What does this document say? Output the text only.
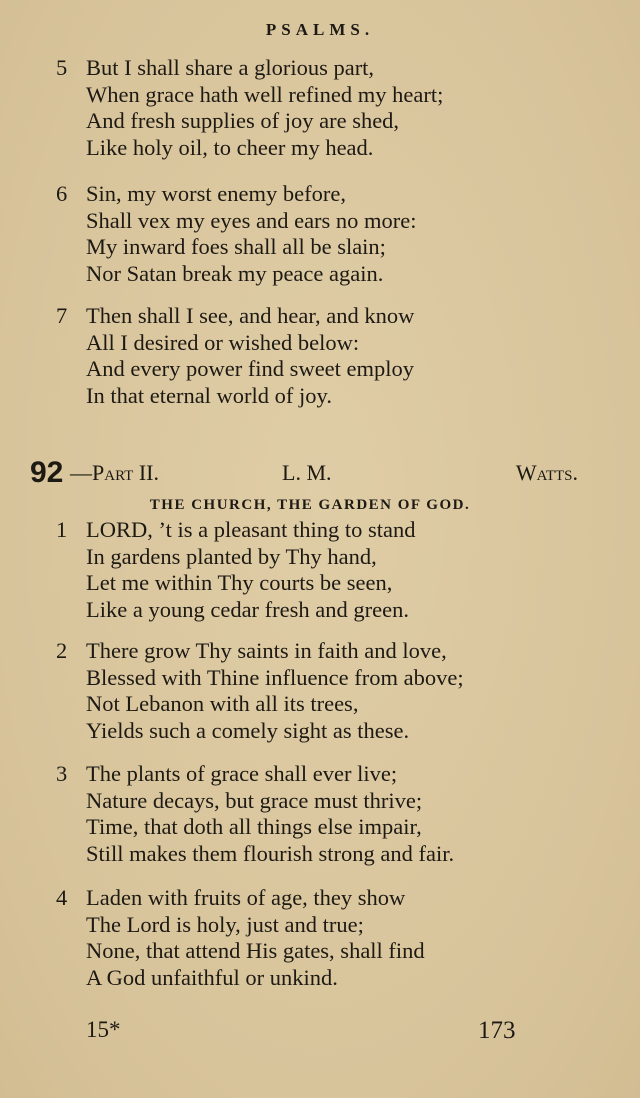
PSALMS.
5 But I shall share a glorious part,
When grace hath well refined my heart;
And fresh supplies of joy are shed,
Like holy oil, to cheer my head.
6 Sin, my worst enemy before,
Shall vex my eyes and ears no more:
My inward foes shall all be slain;
Nor Satan break my peace again.
7 Then shall I see, and hear, and know
All I desired or wished below:
And every power find sweet employ
In that eternal world of joy.
92 —Part II.	L. M.	Watts.
THE CHURCH, THE GARDEN OF GOD.
1 LORD, ’t is a pleasant thing to stand
In gardens planted by Thy hand,
Let me within Thy courts be seen,
Like a young cedar fresh and green.
2 There grow Thy saints in faith and love,
Blessed with Thine influence from above;
Not Lebanon with all its trees,
Yields such a comely sight as these.
3 The plants of grace shall ever live;
Nature decays, but grace must thrive;
Time, that doth all things else impair,
Still makes them flourish strong and fair.
4 Laden with fruits of age, they show
The Lord is holy, just and true;
None, that attend His gates, shall find
A God unfaithful or unkind.
15*	173
